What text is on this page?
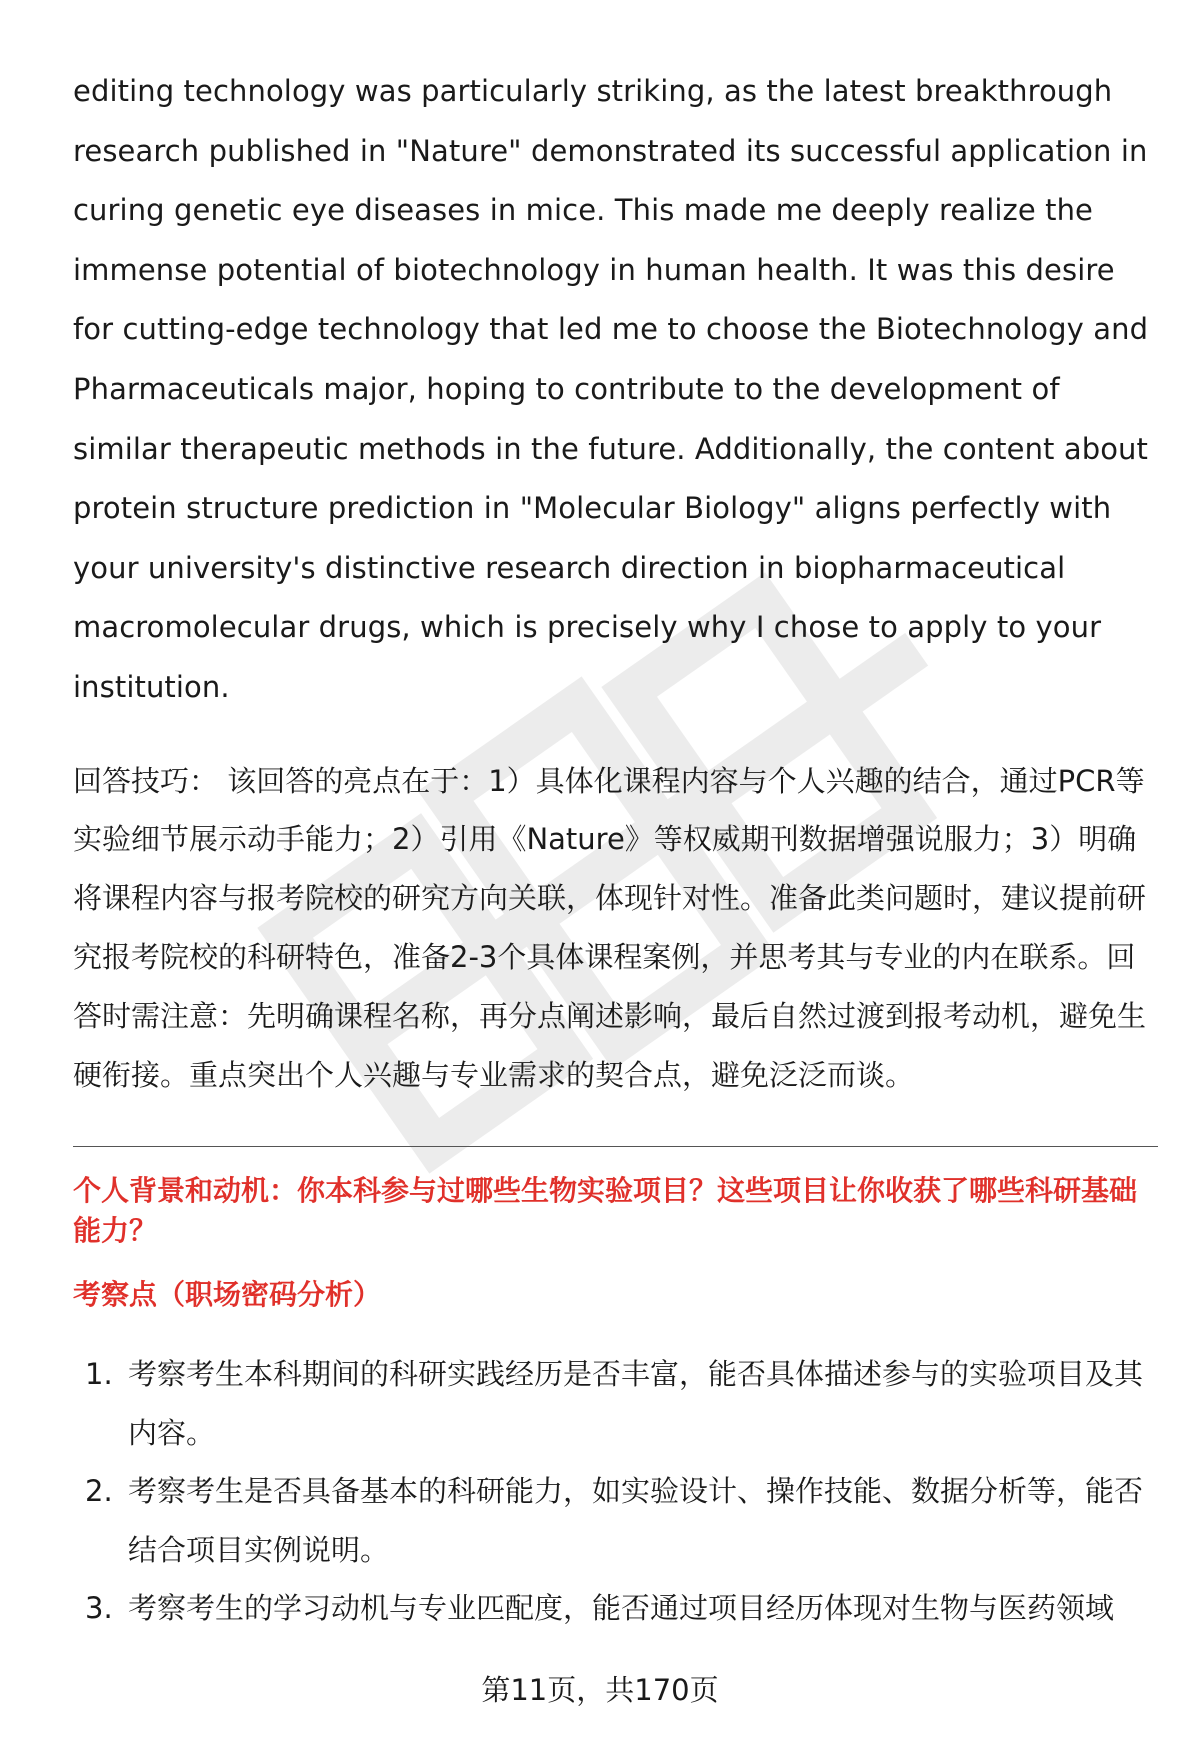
editing technology was particularly striking, as the latest breakthrough research published in "Nature" demonstrated its successful application in curing genetic eye diseases in mice. This made me deeply realize the immense potential of biotechnology in human health. It was this desire for cutting-edge technology that led me to choose the Biotechnology and Pharmaceuticals major, hoping to contribute to the development of similar therapeutic methods in the future. Additionally, the content about protein structure prediction in "Molecular Biology" aligns perfectly with your university's distinctive research direction in biopharmaceutical macromolecular drugs, which is precisely why I chose to apply to your institution.

回答技巧： 该回答的亮点在于：1）具体化课程内容与个人兴趣的结合，通过PCR等实验细节展示动手能力；2）引用《Nature》等权威期刊数据增强说服力；3）明确将课程内容与报考院校的研究方向关联，体现针对性。准备此类问题时，建议提前研究报考院校的科研特色，准备2-3个具体课程案例，并思考其与专业的内在联系。回答时需注意：先明确课程名称，再分点阐述影响，最后自然过渡到报考动机，避免生硬衔接。重点突出个人兴趣与专业需求的契合点，避免泛泛而谈。

个人背景和动机：你本科参与过哪些生物实验项目？这些项目让你收获了哪些科研基础能力？
考察点（职场密码分析）
1. 考察考生本科期间的科研实践经历是否丰富，能否具体描述参与的实验项目及其内容。
2. 考察考生是否具备基本的科研能力，如实验设计、操作技能、数据分析等，能否结合项目实例说明。
3. 考察考生的学习动机与专业匹配度，能否通过项目经历体现对生物与医药领域
第11页，共170页
